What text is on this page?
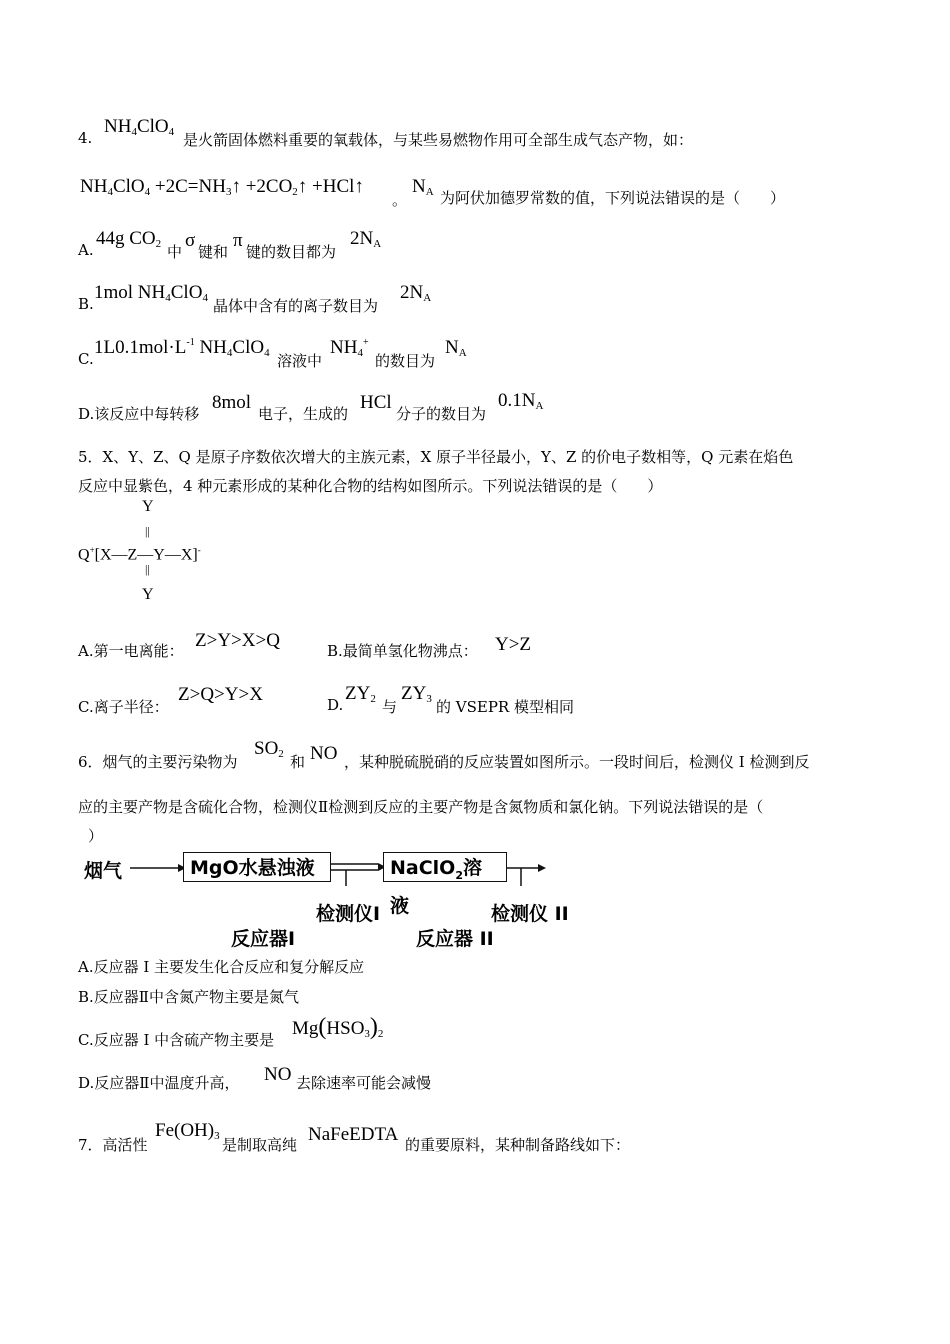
4.
$NH_4ClO_4$ 是火箭固体燃料重要的氧载体，与某些易燃物作用可全部生成气态产物，如：
$NH_4ClO_4$ $+2C=NH_3↑$ $+2CO_2↑$ +HCl↑
。
$N_A$ 为阿伏加德罗常数的值，下列说法错误的是（　　）
A.
44g $CO_2$ 中
σ
键和
π
键的数目都为
$2N_A$
B.
1mol $NH_4ClO_4$ 晶体中含有的离子数目为
$2N_A$
C.
$1L0.1mol\cdot L^{-1}$ $NH_4ClO_4$ 溶液中
$NH_4^+$
的数目为
$N_A$
D.该反应中每转移
8mol
电子，生成的
HCl
分子的数目为
$0.1N_A$
5．X、Y、Z、Q 是原子序数依次增大的主族元素，X 原子半径最小，Y、Z 的价电子数相等，Q 元素在焰色
反应中显紫色，4 种元素形成的某种化合物的结构如图所示。下列说法错误的是（　　）
Y
||
Q+[X—Z—Y—X]-
||
Y
A.第一电离能： Z>Y>X>Q	B.最简单氢化物沸点： Y>Z
C.离子半径：
Z>Q>Y>X	D.
$ZY_2$ 与
$ZY_3$ 的 VSEPR 模型相同
6．烟气的主要污染物为
$SO_2$ 和 NO ，某种脱硫脱硝的反应装置如图所示。一段时间后，检测仪 I 检测到反
应的主要产物是含硫化合物，检测仪Ⅱ检测到反应的主要产物是含氮物质和氯化钠。下列说法错误的是（
）
烟气	MgO水悬浊液	NaClO$_2$溶液
检测仪I	检测仪 II
反应器I	反应器 II
A.反应器 I 主要发生化合反应和复分解反应
B.反应器Ⅱ中含氮产物主要是氮气
C.反应器 I 中含硫产物主要是
$Mg(HSO_3)_2$
D.反应器Ⅱ中温度升高， NO 去除速率可能会减慢
7．高活性
$Fe(OH)_3$ 是制取高纯 NaFeEDTA 的重要原料，某种制备路线如下：
